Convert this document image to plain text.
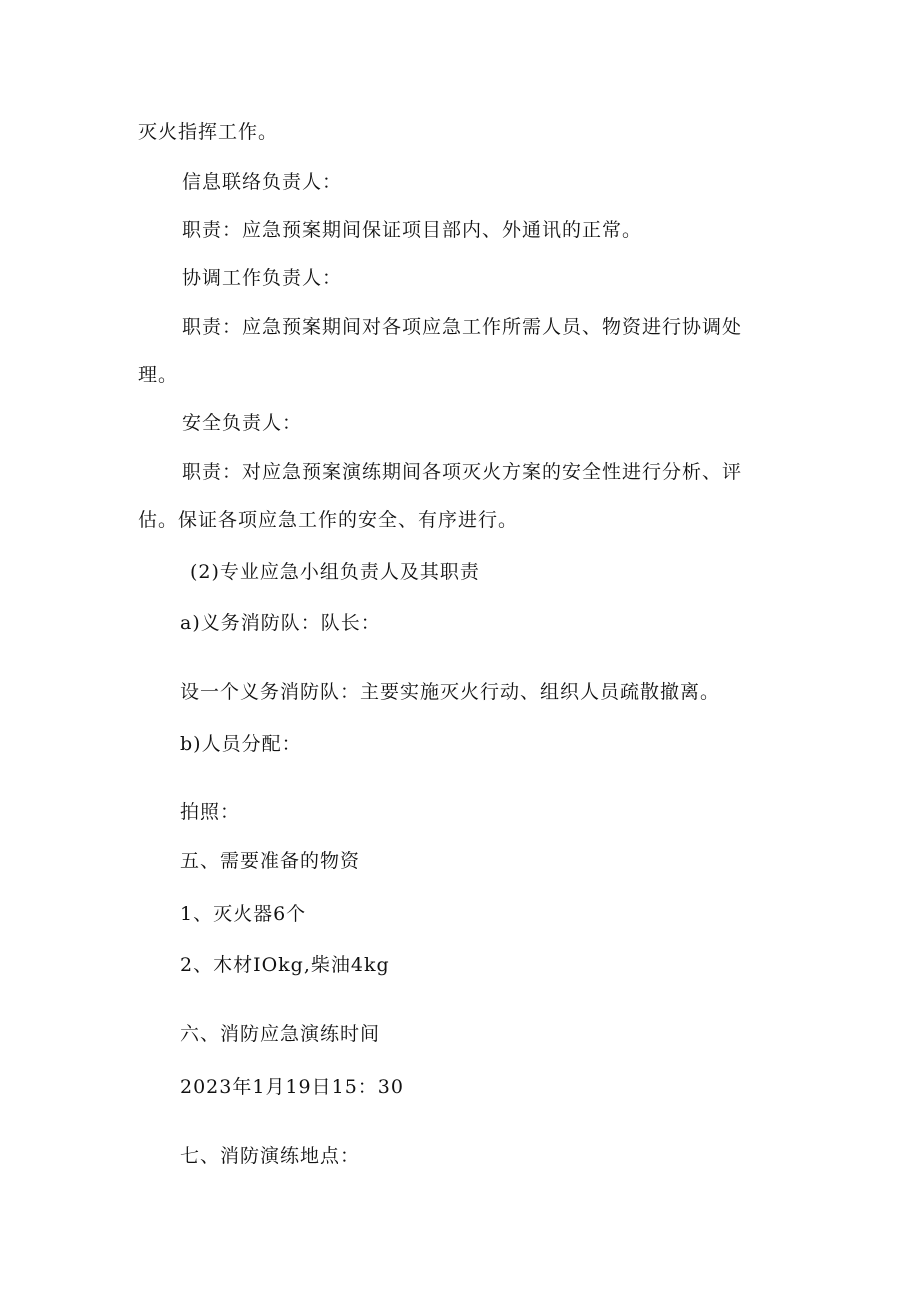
灭火指挥工作。
信息联络负责人：
职责：应急预案期间保证项目部内、外通讯的正常。
协调工作负责人：
职责：应急预案期间对各项应急工作所需人员、物资进行协调处
理。
安全负责人：
职责：对应急预案演练期间各项灭火方案的安全性进行分析、评
估。保证各项应急工作的安全、有序进行。
(2)专业应急小组负责人及其职责
a)义务消防队：队长：
设一个义务消防队：主要实施灭火行动、组织人员疏散撤离。
b)人员分配：
拍照：
五、需要准备的物资
1、灭火器6个
2、木材IOkg,柴油4kg
六、消防应急演练时间
2023年1月19日15：30
七、消防演练地点：
